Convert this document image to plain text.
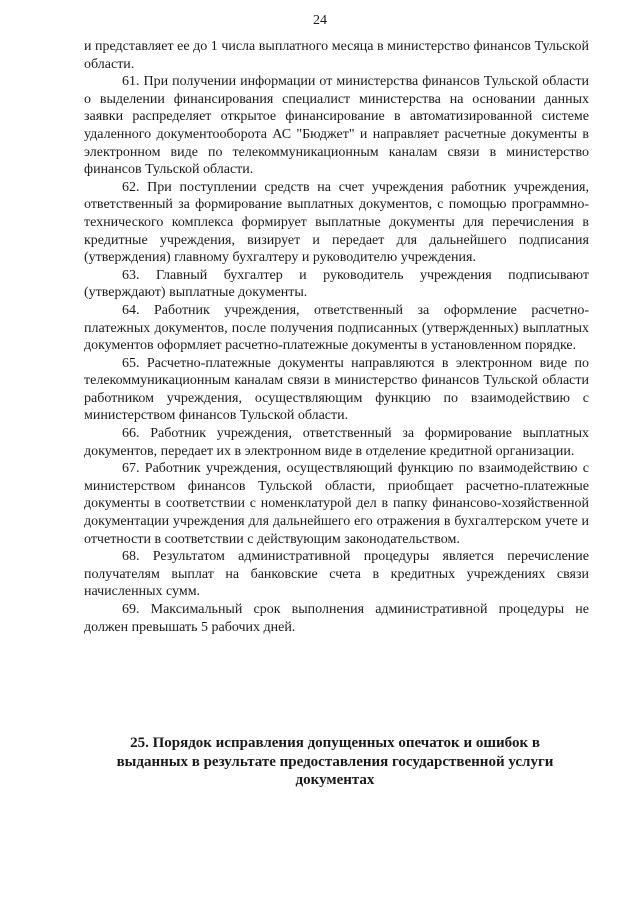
24

и представляет ее до 1 числа выплатного месяца в министерство финансов Тульской области.

61. При получении информации от министерства финансов Тульской области о выделении финансирования специалист министерства на основании данных заявки распределяет открытое финансирование в автоматизированной системе удаленного документооборота АС "Бюджет" и направляет расчетные документы в электронном виде по телекоммуникационным каналам связи в министерство финансов Тульской области.

62. При поступлении средств на счет учреждения работник учреждения, ответственный за формирование выплатных документов, с помощью программно-технического комплекса формирует выплатные документы для перечисления в кредитные учреждения, визирует и передает для дальнейшего подписания (утверждения) главному бухгалтеру и руководителю учреждения.

63. Главный бухгалтер и руководитель учреждения подписывают (утверждают) выплатные документы.

64. Работник учреждения, ответственный за оформление расчетно-платежных документов, после получения подписанных (утвержденных) выплатных документов оформляет расчетно-платежные документы в установленном порядке.

65. Расчетно-платежные документы направляются в электронном виде по телекоммуникационным каналам связи в министерство финансов Тульской области работником учреждения, осуществляющим функцию по взаимодействию с министерством финансов Тульской области.

66. Работник учреждения, ответственный за формирование выплатных документов, передает их в электронном виде в отделение кредитной организации.

67. Работник учреждения, осуществляющий функцию по взаимодействию с министерством финансов Тульской области, приобщает расчетно-платежные документы в соответствии с номенклатурой дел в папку финансово-хозяйственной документации учреждения для дальнейшего его отражения в бухгалтерском учете и отчетности в соответствии с действующим законодательством.

68. Результатом административной процедуры является перечисление получателям выплат на банковские счета в кредитных учреждениях связи начисленных сумм.

69. Максимальный срок выполнения административной процедуры не должен превышать 5 рабочих дней.

25. Порядок исправления допущенных опечаток и ошибок в выданных в результате предоставления государственной услуги документах
